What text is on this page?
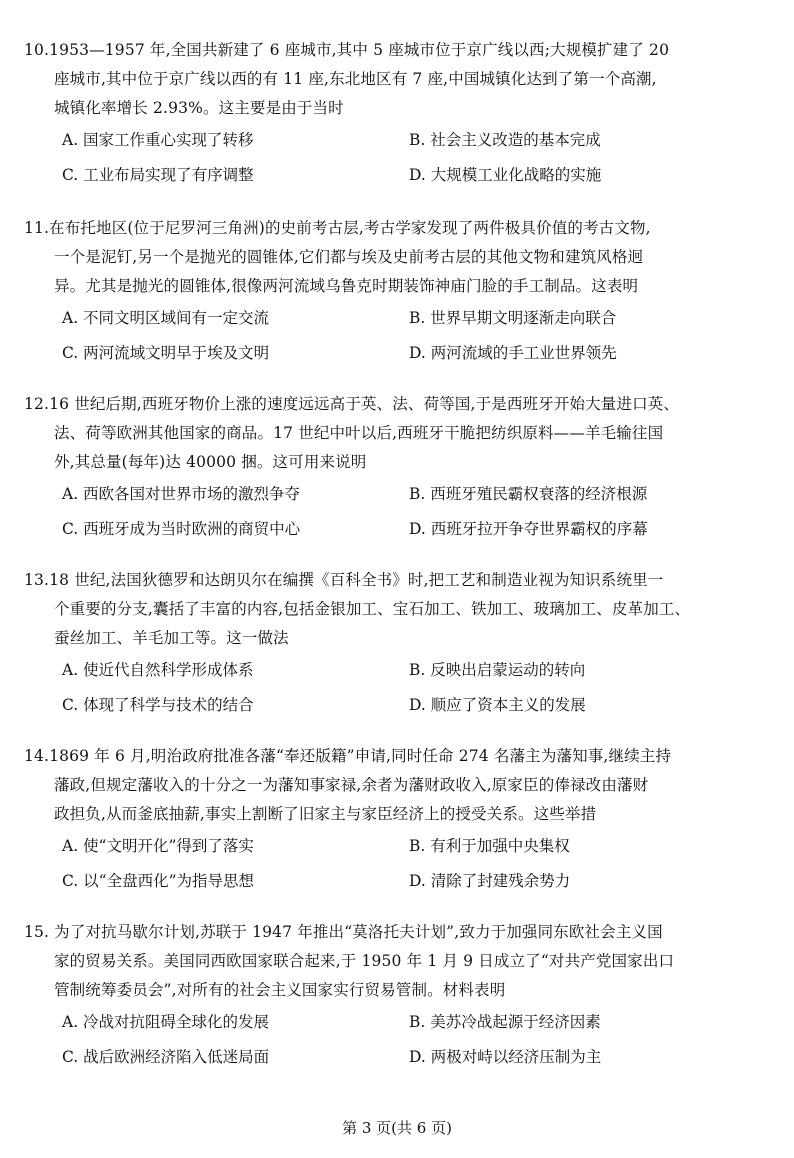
10.1953—1957 年,全国共新建了 6 座城市,其中 5 座城市位于京广线以西;大规模扩建了 20
座城市,其中位于京广线以西的有 11 座,东北地区有 7 座,中国城镇化达到了第一个高潮,
城镇化率增长 2.93%。这主要是由于当时
A. 国家工作重心实现了转移	B. 社会主义改造的基本完成
C. 工业布局实现了有序调整	D. 大规模工业化战略的实施
11.在布托地区(位于尼罗河三角洲)的史前考古层,考古学家发现了两件极具价值的考古文物,
一个是泥钉,另一个是抛光的圆锥体,它们都与埃及史前考古层的其他文物和建筑风格迥
异。尤其是抛光的圆锥体,很像两河流域乌鲁克时期装饰神庙门脸的手工制品。这表明
A. 不同文明区域间有一定交流	B. 世界早期文明逐渐走向联合
C. 两河流域文明早于埃及文明	D. 两河流域的手工业世界领先
12.16 世纪后期,西班牙物价上涨的速度远远高于英、法、荷等国,于是西班牙开始大量进口英、
法、荷等欧洲其他国家的商品。17 世纪中叶以后,西班牙干脆把纺织原料——羊毛输往国
外,其总量(每年)达 40000 捆。这可用来说明
A. 西欧各国对世界市场的激烈争夺	B. 西班牙殖民霸权衰落的经济根源
C. 西班牙成为当时欧洲的商贸中心	D. 西班牙拉开争夺世界霸权的序幕
13.18 世纪,法国狄德罗和达朗贝尔在编撰《百科全书》时,把工艺和制造业视为知识系统里一
个重要的分支,囊括了丰富的内容,包括金银加工、宝石加工、铁加工、玻璃加工、皮革加工、
蚕丝加工、羊毛加工等。这一做法
A. 使近代自然科学形成体系	B. 反映出启蒙运动的转向
C. 体现了科学与技术的结合	D. 顺应了资本主义的发展
14.1869 年 6 月,明治政府批准各藩“奉还版籍”申请,同时任命 274 名藩主为藩知事,继续主持
藩政,但规定藩收入的十分之一为藩知事家禄,余者为藩财政收入,原家臣的俸禄改由藩财
政担负,从而釜底抽薪,事实上割断了旧家主与家臣经济上的授受关系。这些举措
A. 使“文明开化”得到了落实	B. 有利于加强中央集权
C. 以“全盘西化”为指导思想	D. 清除了封建残余势力
15. 为了对抗马歇尔计划,苏联于 1947 年推出“莫洛托夫计划”,致力于加强同东欧社会主义国
家的贸易关系。美国同西欧国家联合起来,于 1950 年 1 月 9 日成立了“对共产党国家出口
管制统筹委员会”,对所有的社会主义国家实行贸易管制。材料表明
A. 冷战对抗阻碍全球化的发展	B. 美苏冷战起源于经济因素
C. 战后欧洲经济陷入低迷局面	D. 两极对峙以经济压制为主
第 3 页(共 6 页)
